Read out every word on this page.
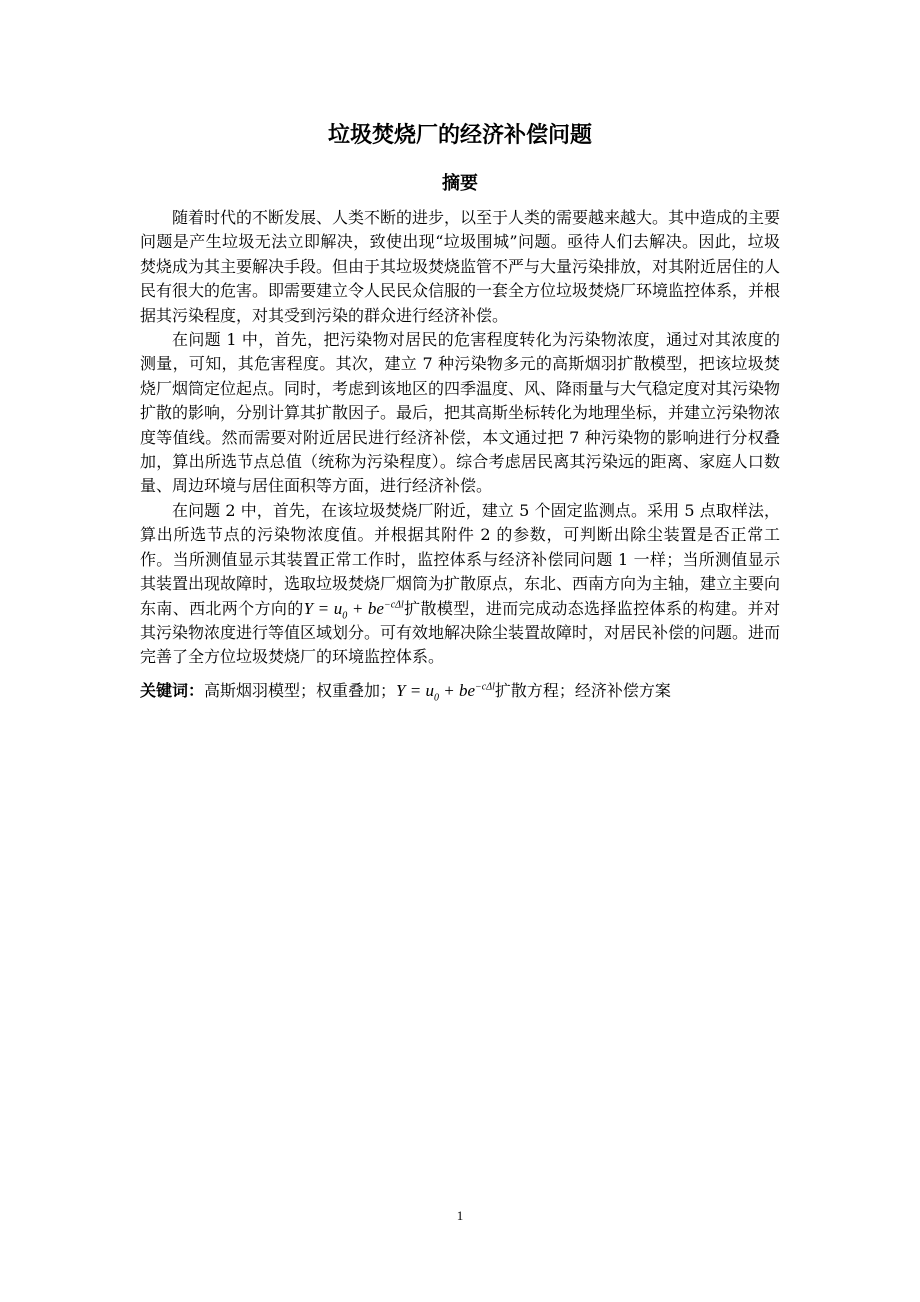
垃圾焚烧厂的经济补偿问题
摘要

随着时代的不断发展、人类不断的进步，以至于人类的需要越来越大。其中造成的主要问题是产生垃圾无法立即解决，致使出现“垃圾围城”问题。亟待人们去解决。因此，垃圾焚烧成为其主要解决手段。但由于其垃圾焚烧监管不严与大量污染排放，对其附近居住的人民有很大的危害。即需要建立令人民民众信服的一套全方位垃圾焚烧厂环境监控体系，并根据其污染程度，对其受到污染的群众进行经济补偿。

在问题 1 中，首先，把污染物对居民的危害程度转化为污染物浓度，通过对其浓度的测量，可知，其危害程度。其次，建立 7 种污染物多元的高斯烟羽扩散模型，把该垃圾焚烧厂烟筒定位起点。同时，考虑到该地区的四季温度、风、降雨量与大气稳定度对其污染物扩散的影响，分别计算其扩散因子。最后，把其高斯坐标转化为地理坐标，并建立污染物浓度等值线。然而需要对附近居民进行经济补偿，本文通过把 7 种污染物的影响进行分权叠加，算出所选节点总值（统称为污染程度）。综合考虑居民离其污染远的距离、家庭人口数量、周边环境与居住面积等方面，进行经济补偿。

在问题 2 中，首先，在该垃圾焚烧厂附近，建立 5 个固定监测点。采用 5 点取样法，算出所选节点的污染物浓度值。并根据其附件 2 的参数，可判断出除尘装置是否正常工作。当所测值显示其装置正常工作时，监控体系与经济补偿同问题 1 一样；当所测值显示其装置出现故障时，选取垃圾焚烧厂烟筒为扩散原点，东北、西南方向为主轴，建立主要向东南、西北两个方向的$Y = u_0 + be^{-c\Delta l}$扩散模型，进而完成动态选择监控体系的构建。并对其污染物浓度进行等值区域划分。可有效地解决除尘装置故障时，对居民补偿的问题。进而完善了全方位垃圾焚烧厂的环境监控体系。

关键词：高斯烟羽模型；权重叠加；$Y = u_0 + be^{-c\Delta l}$扩散方程；经济补偿方案

1
